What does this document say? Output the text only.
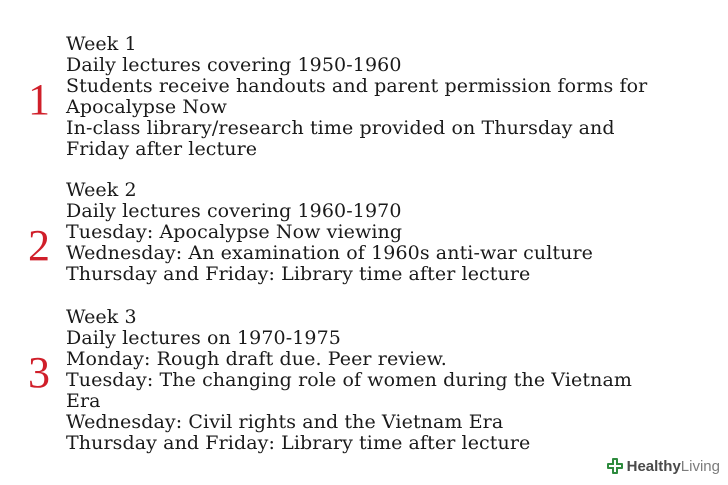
1
Week 1
Daily lectures covering 1950-1960
Students receive handouts and parent permission forms for
Apocalypse Now
In-class library/research time provided on Thursday and
Friday after lecture
2
Week 2
Daily lectures covering 1960-1970
Tuesday: Apocalypse Now viewing
Wednesday: An examination of 1960s anti-war culture
Thursday and Friday: Library time after lecture
3
Week 3
Daily lectures on 1970-1975
Monday: Rough draft due. Peer review.
Tuesday: The changing role of women during the Vietnam
Era
Wednesday: Civil rights and the Vietnam Era
Thursday and Friday: Library time after lecture
Healthy Living
